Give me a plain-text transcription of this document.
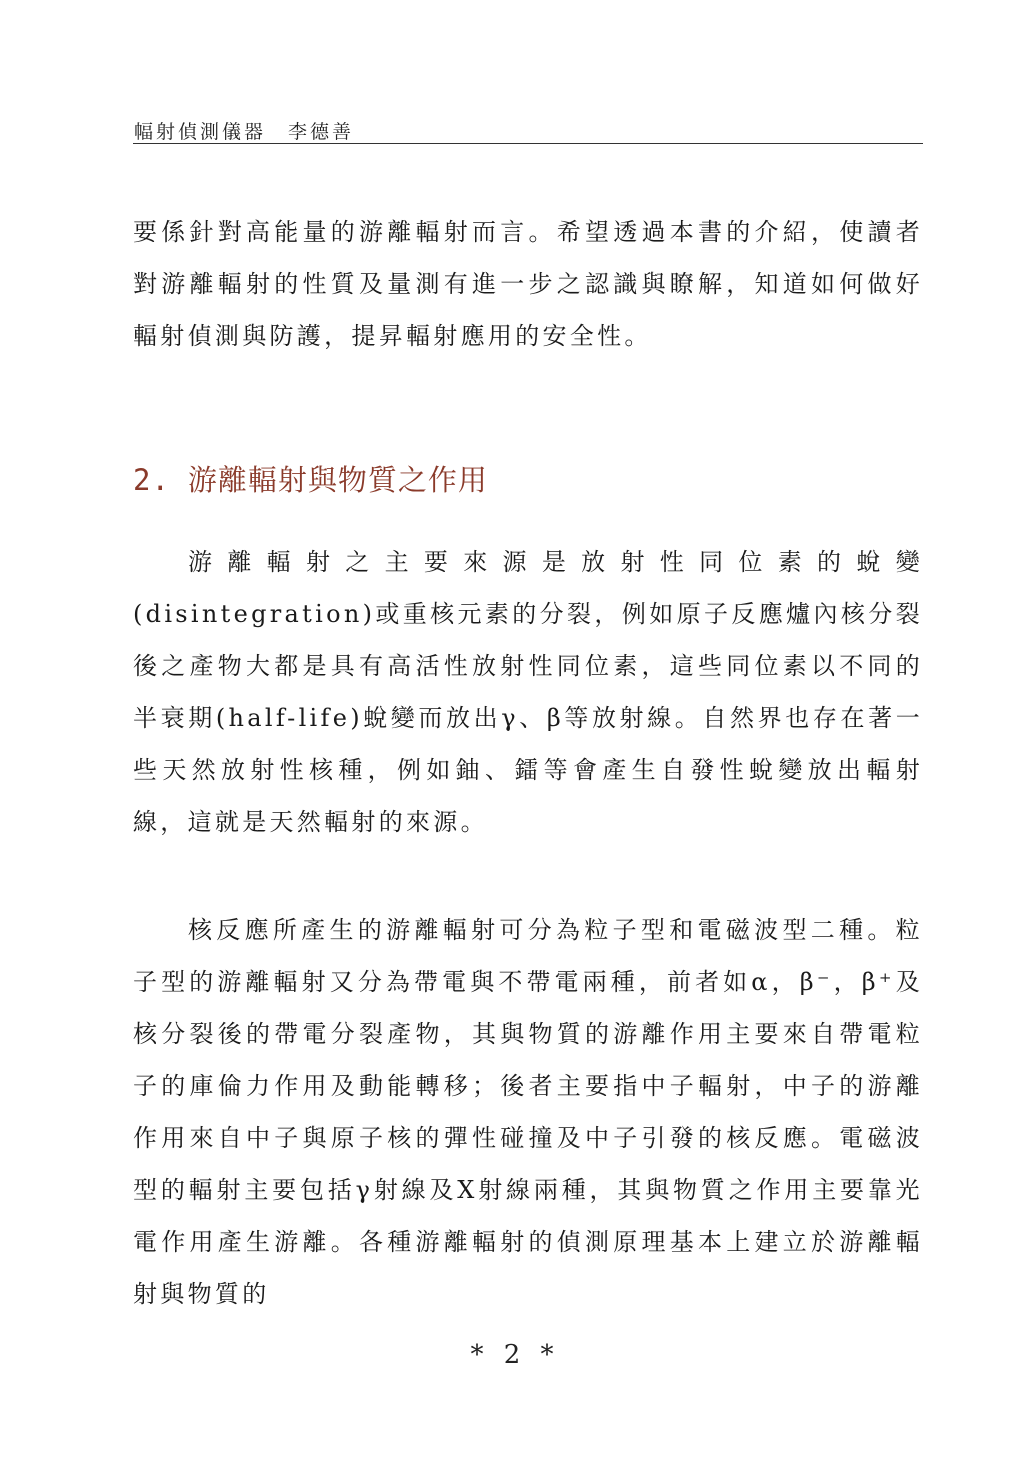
幅射偵測儀器 李德善

要係針對高能量的游離輻射而言。希望透過本書的介紹，使讀者對游離輻射的性質及量測有進一步之認識與瞭解，知道如何做好輻射偵測與防護，提昇輻射應用的安全性。

2. 游離輻射與物質之作用

游離輻射之主要來源是放射性同位素的蛻變(disintegration)或重核元素的分裂，例如原子反應爐內核分裂後之產物大都是具有高活性放射性同位素，這些同位素以不同的半衰期(half-life)蛻變而放出γ、β等放射線。自然界也存在著一些天然放射性核種，例如鈾、鐳等會產生自發性蛻變放出輻射線，這就是天然輻射的來源。

核反應所產生的游離輻射可分為粒子型和電磁波型二種。粒子型的游離輻射又分為帶電與不帶電兩種，前者如α，β⁻，β⁺及核分裂後的帶電分裂產物，其與物質的游離作用主要來自帶電粒子的庫倫力作用及動能轉移；後者主要指中子輻射，中子的游離作用來自中子與原子核的彈性碰撞及中子引發的核反應。電磁波型的輻射主要包括γ射線及X射線兩種，其與物質之作用主要靠光電作用產生游離。各種游離輻射的偵測原理基本上建立於游離輻射與物質的

* 2 *
